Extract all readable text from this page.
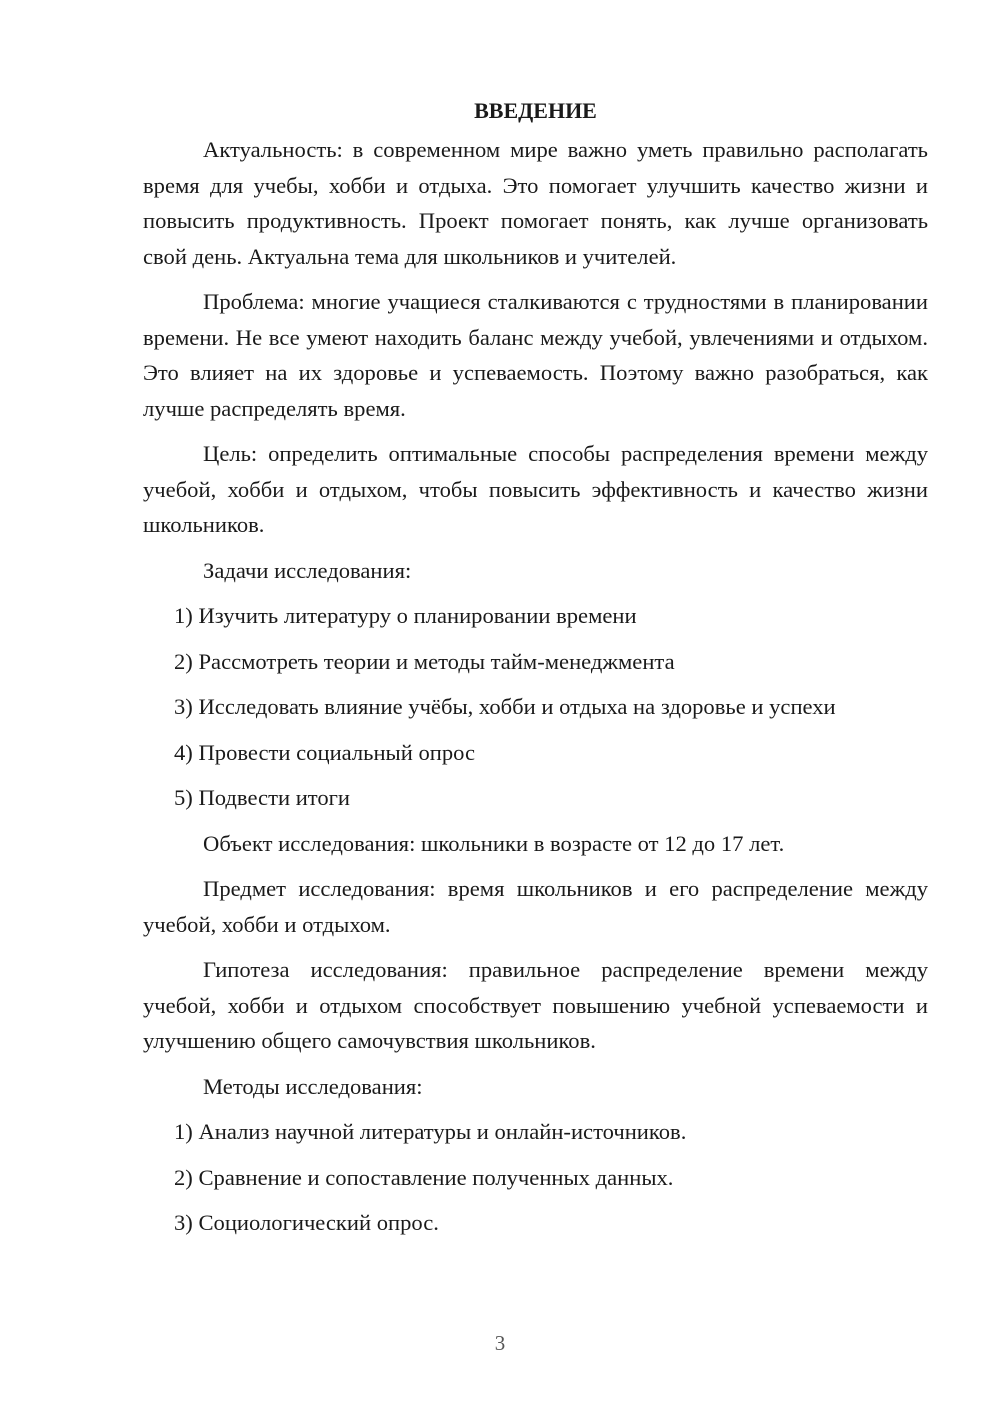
ВВЕДЕНИЕ

Актуальность: в современном мире важно уметь правильно располагать время для учебы, хобби и отдыха. Это помогает улучшить качество жизни и повысить продуктивность. Проект помогает понять, как лучше организовать свой день. Актуальна тема для школьников и учителей.

Проблема: многие учащиеся сталкиваются с трудностями в планировании времени. Не все умеют находить баланс между учебой, увлечениями и отдыхом. Это влияет на их здоровье и успеваемость. Поэтому важно разобраться, как лучше распределять время.

Цель: определить оптимальные способы распределения времени между учебой, хобби и отдыхом, чтобы повысить эффективность и качество жизни школьников.

Задачи исследования:

1) Изучить литературу о планировании времени

2) Рассмотреть теории и методы тайм-менеджмента

3) Исследовать влияние учёбы, хобби и отдыха на здоровье и успехи

4) Провести социальный опрос

5) Подвести итоги

Объект исследования: школьники в возрасте от 12 до 17 лет.

Предмет исследования: время школьников и его распределение между учебой, хобби и отдыхом.

Гипотеза исследования: правильное распределение времени между учебой, хобби и отдыхом способствует повышению учебной успеваемости и улучшению общего самочувствия школьников.

Методы исследования:

1) Анализ научной литературы и онлайн-источников.

2) Сравнение и сопоставление полученных данных.

3) Социологический опрос.

3
